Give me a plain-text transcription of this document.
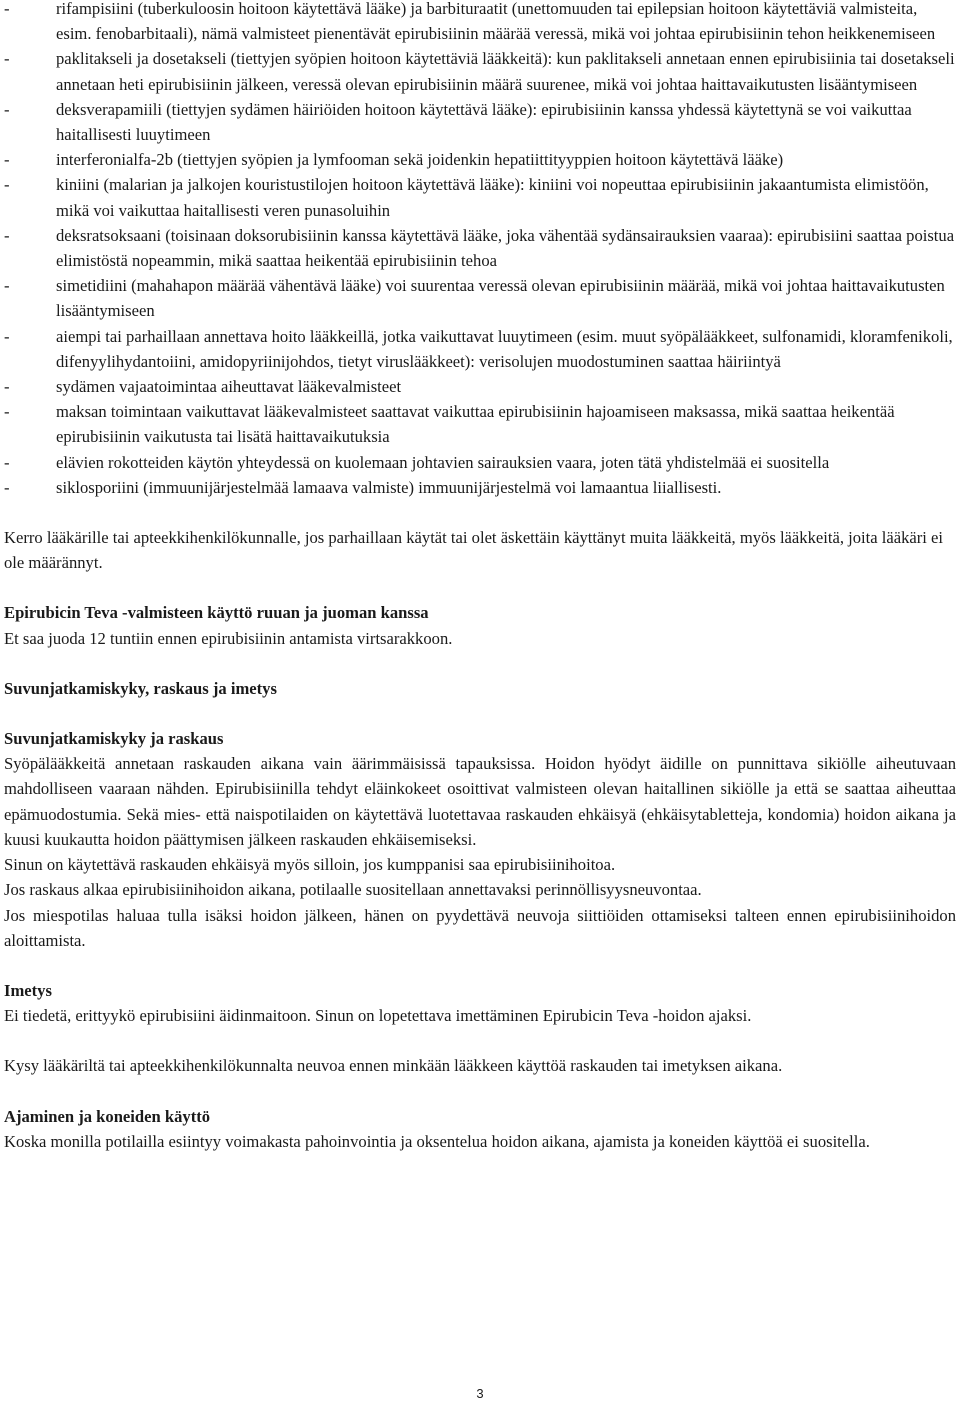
-	rifampisiini (tuberkuloosin hoitoon käytettävä lääke) ja barbituraatit (unettomuuden tai epilepsian hoitoon käytettäviä valmisteita, esim. fenobarbitaali), nämä valmisteet pienentävät epirubisiinin määrää veressä, mikä voi johtaa epirubisiinin tehon heikkenemiseen
-	paklitakseli ja dosetakseli (tiettyjen syöpien hoitoon käytettäviä lääkkeitä): kun paklitakseli annetaan ennen epirubisiinia tai dosetakseli annetaan heti epirubisiinin jälkeen, veressä olevan epirubisiinin määrä suurenee, mikä voi johtaa haittavaikutusten lisääntymiseen
-	deksverapamiili (tiettyjen sydämen häiriöiden hoitoon käytettävä lääke): epirubisiinin kanssa yhdessä käytettynä se voi vaikuttaa haitallisesti luuytimeen
-	interferonialfa-2b (tiettyjen syöpien ja lymfooman sekä joidenkin hepatiittityyppien hoitoon käytettävä lääke)
-	kiniini (malarian ja jalkojen kouristustilojen hoitoon käytettävä lääke): kiniini voi nopeuttaa epirubisiinin jakaantumista elimistöön, mikä voi vaikuttaa haitallisesti veren punasoluihin
-	deksratsoksaani (toisinaan doksorubisiinin kanssa käytettävä lääke, joka vähentää sydänsairauksien vaaraa): epirubisiini saattaa poistua elimistöstä nopeammin, mikä saattaa heikentää epirubisiinin tehoa
-	simetidiini (mahahapon määrää vähentävä lääke) voi suurentaa veressä olevan epirubisiinin määrää, mikä voi johtaa haittavaikutusten lisääntymiseen
-	aiempi tai parhaillaan annettava hoito lääkkeillä, jotka vaikuttavat luuytimeen (esim. muut syöpälääkkeet, sulfonamidi, kloramfenikoli, difenyylihydantoiini, amidopyriinijohdos, tietyt viruslääkkeet): verisolujen muodostuminen saattaa häiriintyä
-	sydämen vajaatoimintaa aiheuttavat lääkevalmisteet
-	maksan toimintaan vaikuttavat lääkevalmisteet saattavat vaikuttaa epirubisiinin hajoamiseen maksassa, mikä saattaa heikentää epirubisiinin vaikutusta tai lisätä haittavaikutuksia
-	elävien rokotteiden käytön yhteydessä on kuolemaan johtavien sairauksien vaara, joten tätä yhdistelmää ei suositella
-	siklosporiini (immuunijärjestelmää lamaava valmiste) immuunijärjestelmä voi lamaantua liiallisesti.

Kerro lääkärille tai apteekkihenkilökunnalle, jos parhaillaan käytät tai olet äskettäin käyttänyt muita lääkkeitä, myös lääkkeitä, joita lääkäri ei ole määrännyt.

Epirubicin Teva -valmisteen käyttö ruuan ja juoman kanssa

Et saa juoda 12 tuntiin ennen epirubisiinin antamista virtsarakkoon.

Suvunjatkamiskyky, raskaus ja imetys

Suvunjatkamiskyky ja raskaus

Syöpälääkkeitä annetaan raskauden aikana vain äärimmäisissä tapauksissa. Hoidon hyödyt äidille on punnittava sikiölle aiheutuvaan mahdolliseen vaaraan nähden. Epirubisiinilla tehdyt eläinkokeet osoittivat valmisteen olevan haitallinen sikiölle ja että se saattaa aiheuttaa epämuodostumia. Sekä mies- että naispotilaiden on käytettävä luotettavaa raskauden ehkäisyä (ehkäisytabletteja, kondomia) hoidon aikana ja kuusi kuukautta hoidon päättymisen jälkeen raskauden ehkäisemiseksi.

Sinun on käytettävä raskauden ehkäisyä myös silloin, jos kumppanisi saa epirubisiinihoitoa.

Jos raskaus alkaa epirubisiinihoidon aikana, potilaalle suositellaan annettavaksi perinnöllisyysneuvontaa.

Jos miespotilas haluaa tulla isäksi hoidon jälkeen, hänen on pyydettävä neuvoja siittiöiden ottamiseksi talteen ennen epirubisiinihoidon aloittamista.

Imetys

Ei tiedetä, erittyykö epirubisiini äidinmaitoon. Sinun on lopetettava imettäminen Epirubicin Teva -hoidon ajaksi.

Kysy lääkäriltä tai apteekkihenkilökunnalta neuvoa ennen minkään lääkkeen käyttöä raskauden tai imetyksen aikana.

Ajaminen ja koneiden käyttö

Koska monilla potilailla esiintyy voimakasta pahoinvointia ja oksentelua hoidon aikana, ajamista ja koneiden käyttöä ei suositella.

3
